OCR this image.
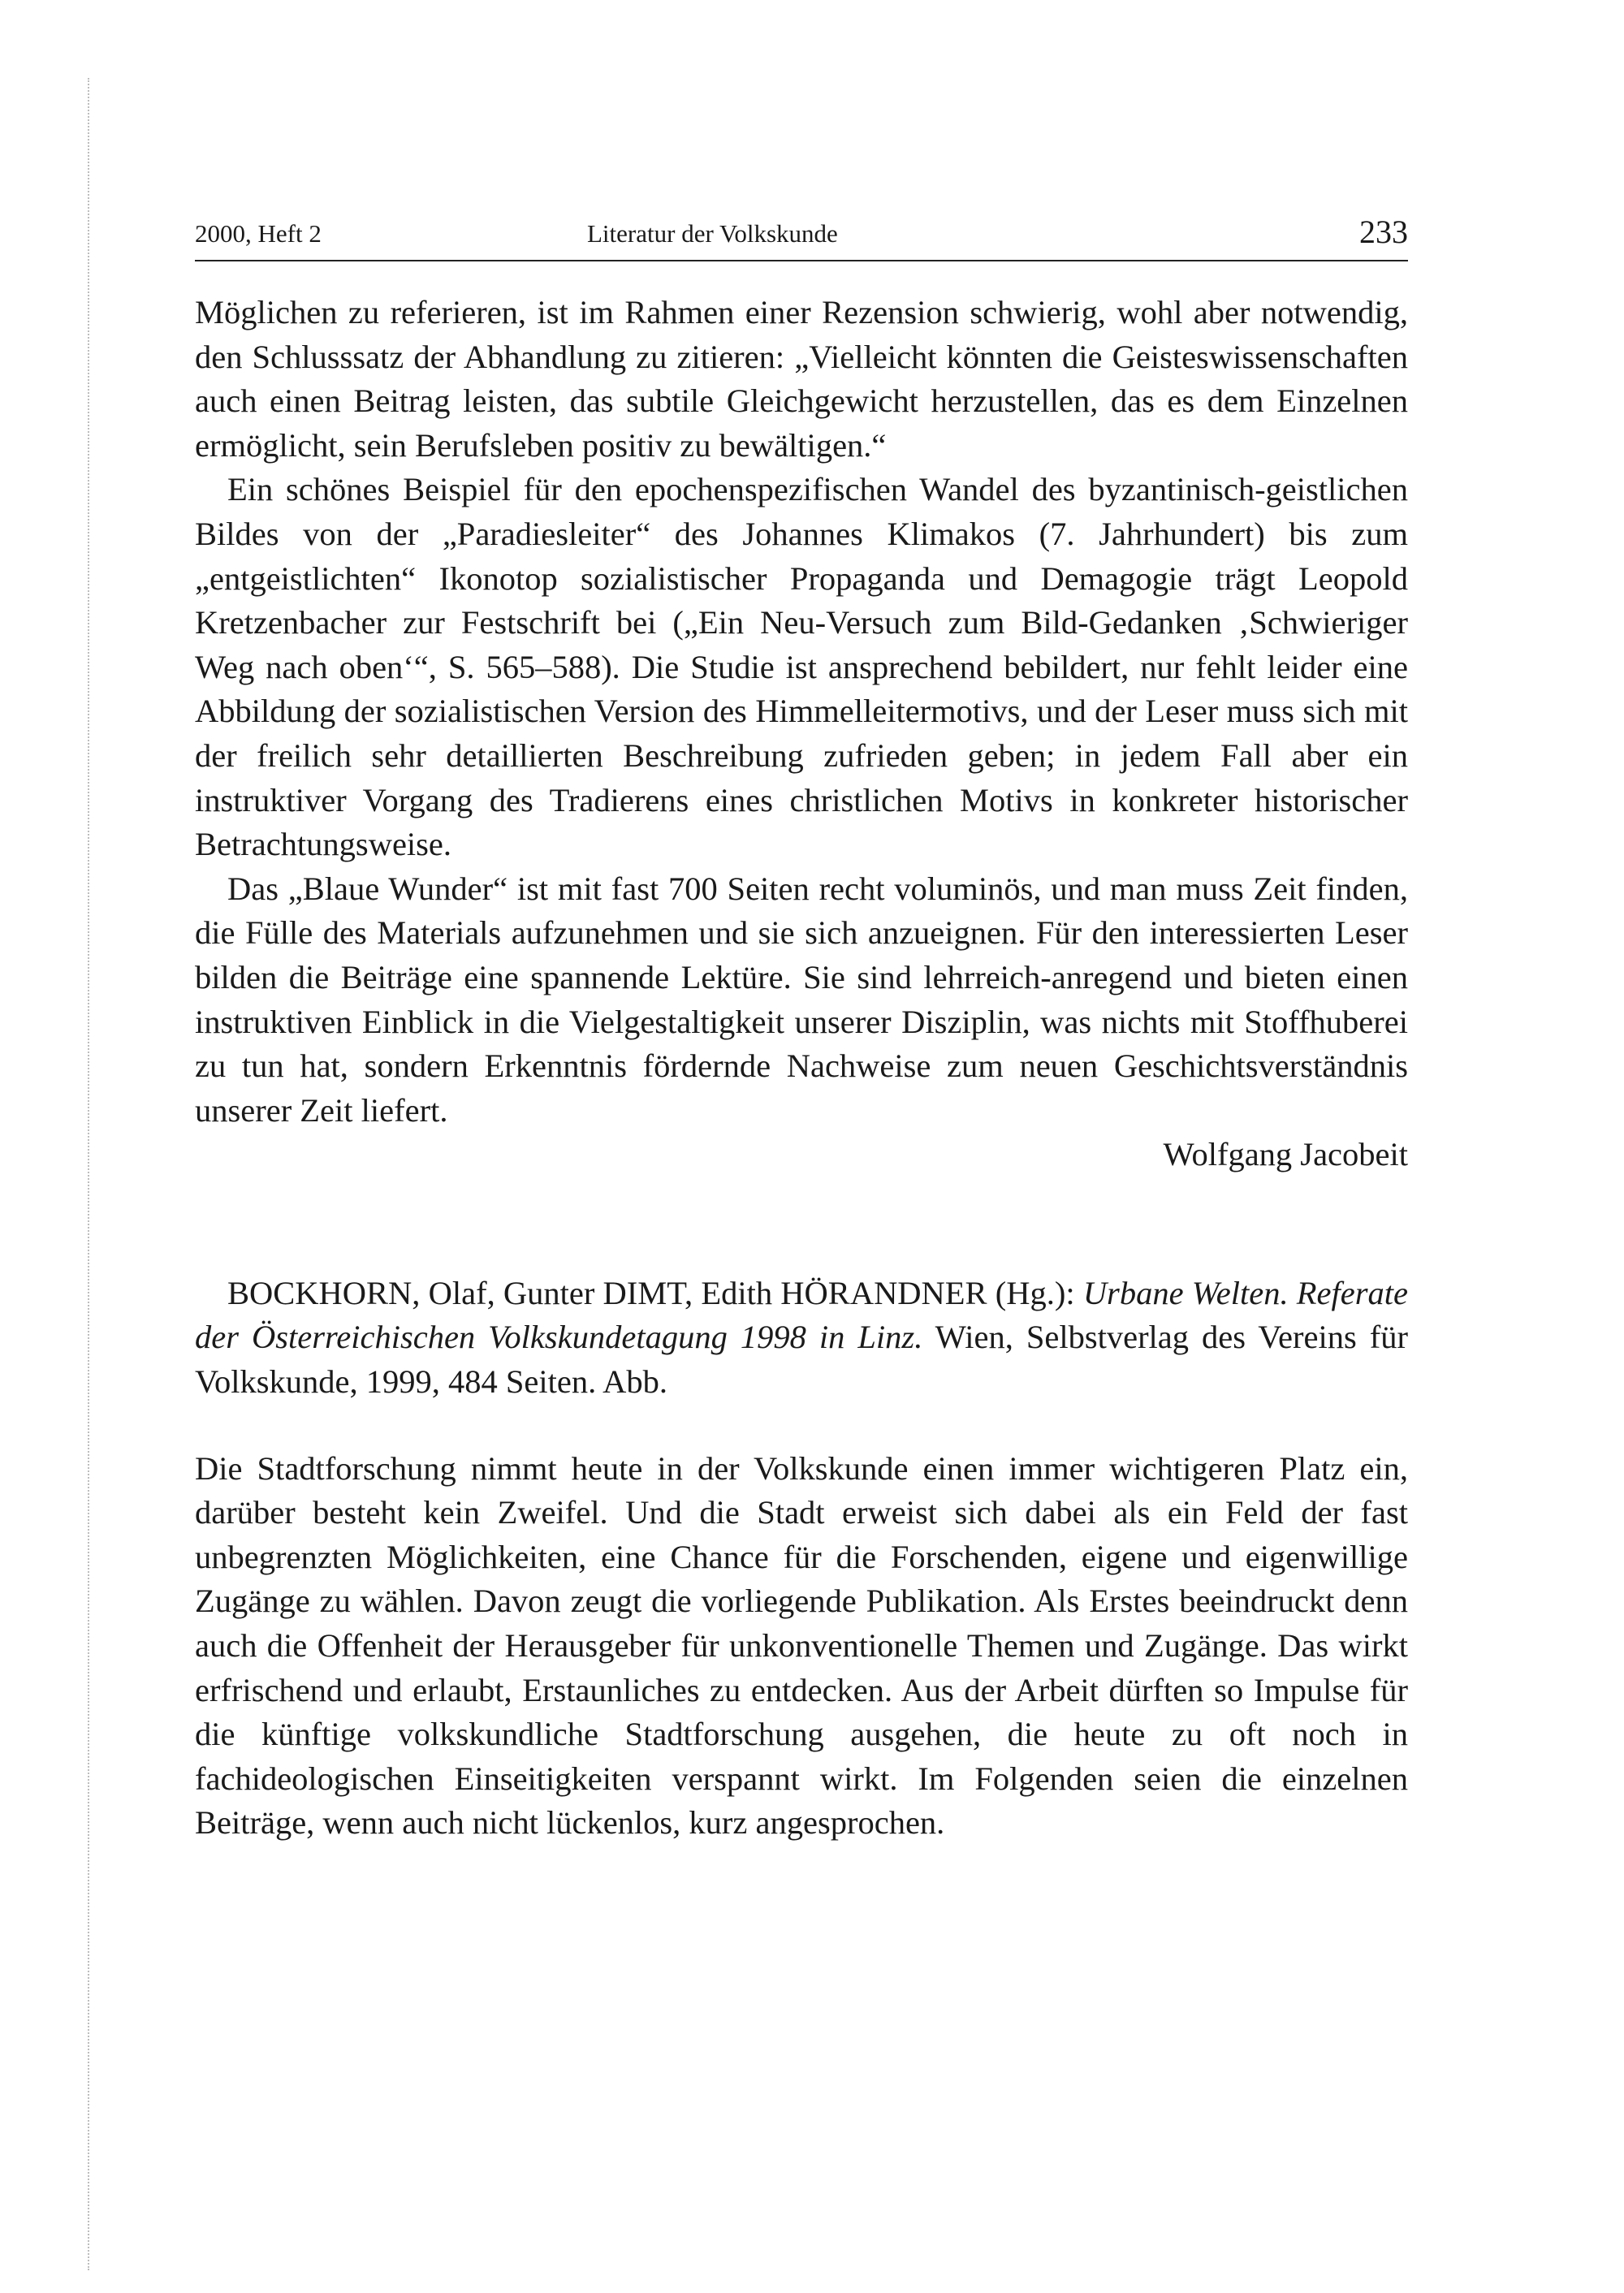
2000, Heft 2	Literatur der Volkskunde	233

Möglichen zu referieren, ist im Rahmen einer Rezension schwierig, wohl aber notwendig, den Schlusssatz der Abhandlung zu zitieren: „Vielleicht könnten die Geisteswissenschaften auch einen Beitrag leisten, das subtile Gleichgewicht herzustellen, das es dem Einzelnen ermöglicht, sein Berufsleben positiv zu bewältigen.“

Ein schönes Beispiel für den epochenspezifischen Wandel des byzantinisch-geistlichen Bildes von der „Paradiesleiter“ des Johannes Klimakos (7. Jahrhundert) bis zum „entgeistlichten“ Ikonotop sozialistischer Propaganda und Demagogie trägt Leopold Kretzenbacher zur Festschrift bei („Ein Neu-Versuch zum Bild-Gedanken ‚Schwieriger Weg nach oben‘“, S. 565–588). Die Studie ist ansprechend bebildert, nur fehlt leider eine Abbildung der sozialistischen Version des Himmelleitermotivs, und der Leser muss sich mit der freilich sehr detaillierten Beschreibung zufrieden geben; in jedem Fall aber ein instruktiver Vorgang des Tradierens eines christlichen Motivs in konkreter historischer Betrachtungsweise.

Das „Blaue Wunder“ ist mit fast 700 Seiten recht voluminös, und man muss Zeit finden, die Fülle des Materials aufzunehmen und sie sich anzueignen. Für den interessierten Leser bilden die Beiträge eine spannende Lektüre. Sie sind lehrreich-anregend und bieten einen instruktiven Einblick in die Vielgestaltigkeit unserer Disziplin, was nichts mit Stoffhuberei zu tun hat, sondern Erkenntnis fördernde Nachweise zum neuen Geschichtsverständnis unserer Zeit liefert.

Wolfgang Jacobeit

BOCKHORN, Olaf, Gunter DIMT, Edith HÖRANDNER (Hg.): Urbane Welten. Referate der Österreichischen Volkskundetagung 1998 in Linz. Wien, Selbstverlag des Vereins für Volkskunde, 1999, 484 Seiten. Abb.

Die Stadtforschung nimmt heute in der Volkskunde einen immer wichtigeren Platz ein, darüber besteht kein Zweifel. Und die Stadt erweist sich dabei als ein Feld der fast unbegrenzten Möglichkeiten, eine Chance für die Forschenden, eigene und eigenwillige Zugänge zu wählen. Davon zeugt die vorliegende Publikation. Als Erstes beeindruckt denn auch die Offenheit der Herausgeber für unkonventionelle Themen und Zugänge. Das wirkt erfrischend und erlaubt, Erstaunliches zu entdecken. Aus der Arbeit dürften so Impulse für die künftige volkskundliche Stadtforschung ausgehen, die heute zu oft noch in fachideologischen Einseitigkeiten verspannt wirkt. Im Folgenden seien die einzelnen Beiträge, wenn auch nicht lückenlos, kurz angesprochen.
